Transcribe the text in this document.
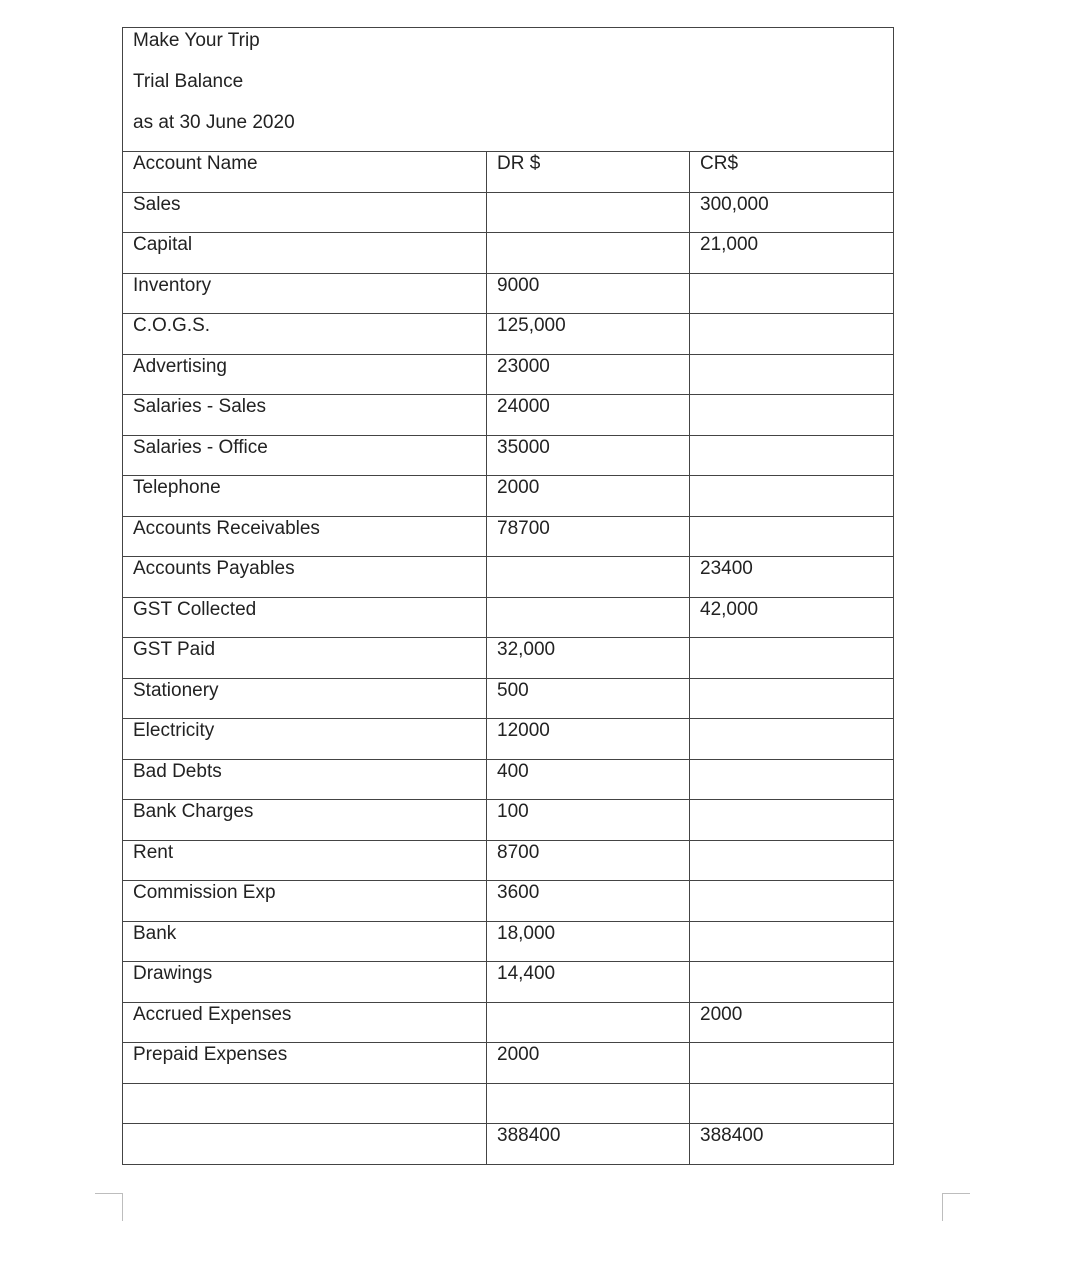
Make Your Trip
Trial Balance
as at 30 June 2020		

Account Name	DR $	CR$
Sales		300,000
Capital		21,000
Inventory	9000	
C.O.G.S.	125,000	
Advertising	23000	
Salaries - Sales	24000	
Salaries - Office	35000	
Telephone	2000	
Accounts Receivables	78700	
Accounts Payables		23400
GST Collected		42,000
GST Paid	32,000	
Stationery	500	
Electricity	12000	
Bad Debts	400	
Bank Charges	100	
Rent	8700	
Commission Exp	3600	
Bank	18,000	
Drawings	14,400	
Accrued Expenses		2000
Prepaid Expenses	2000	

	388400	388400
